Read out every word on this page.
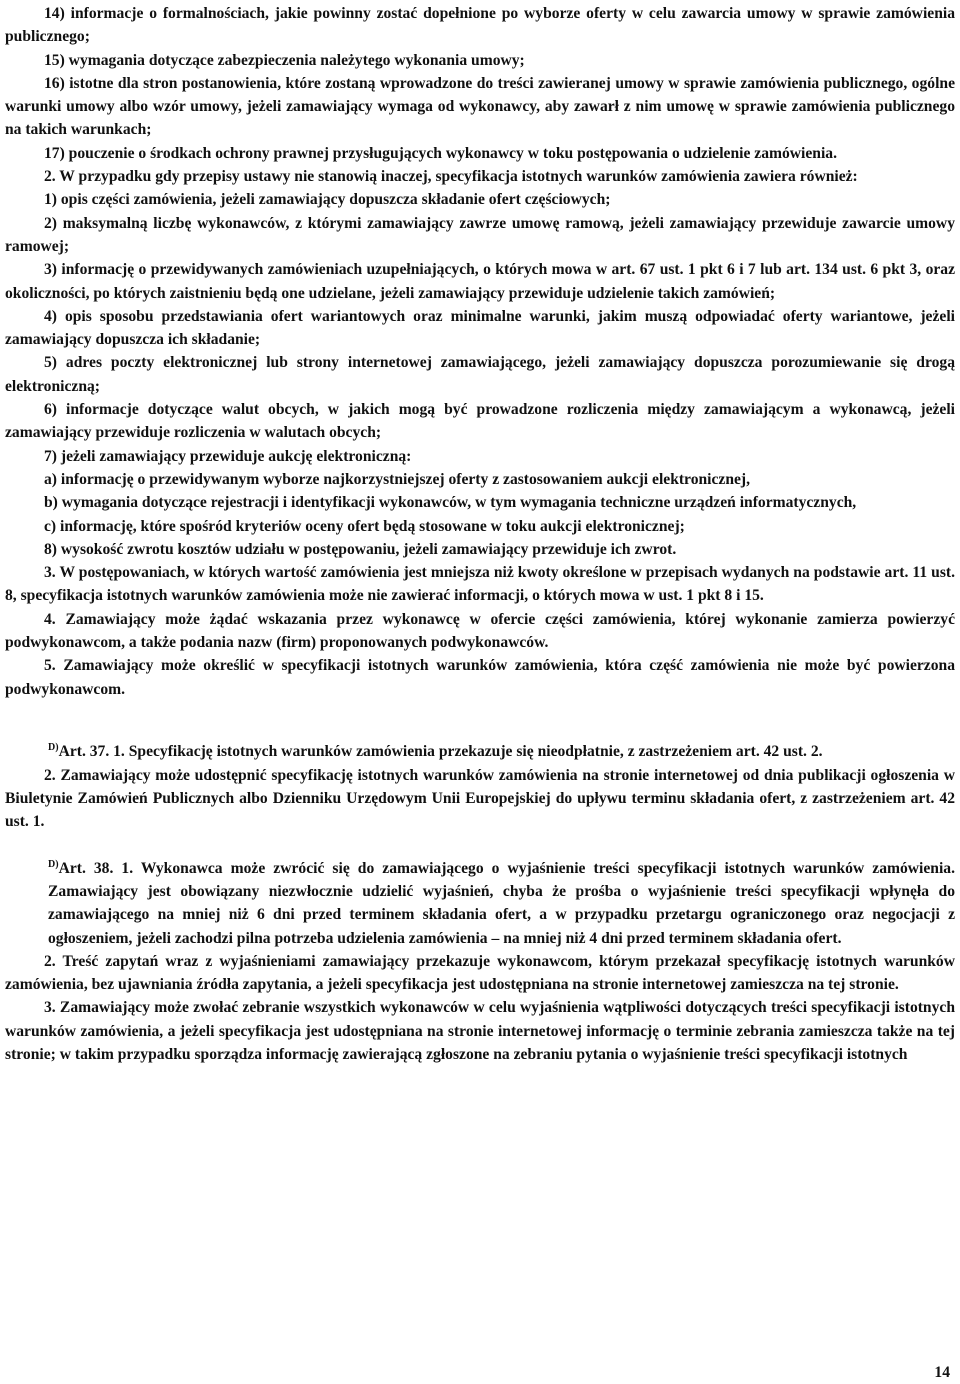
14) informacje o formalnościach, jakie powinny zostać dopełnione po wyborze oferty w celu zawarcia umowy w sprawie zamówienia publicznego;

15) wymagania dotyczące zabezpieczenia należytego wykonania umowy;

16) istotne dla stron postanowienia, które zostaną wprowadzone do treści zawieranej umowy w sprawie zamówienia publicznego, ogólne warunki umowy albo wzór umowy, jeżeli zamawiający wymaga od wykonawcy, aby zawarł z nim umowę w sprawie zamówienia publicznego na takich warunkach;

17) pouczenie o środkach ochrony prawnej przysługujących wykonawcy w toku postępowania o udzielenie zamówienia.

2. W przypadku gdy przepisy ustawy nie stanowią inaczej, specyfikacja istotnych warunków zamówienia zawiera również:

1) opis części zamówienia, jeżeli zamawiający dopuszcza składanie ofert częściowych;

2) maksymalną liczbę wykonawców, z którymi zamawiający zawrze umowę ramową, jeżeli zamawiający przewiduje zawarcie umowy ramowej;

3) informację o przewidywanych zamówieniach uzupełniających, o których mowa w art. 67 ust. 1 pkt 6 i 7 lub art. 134 ust. 6 pkt 3, oraz okoliczności, po których zaistnieniu będą one udzielane, jeżeli zamawiający przewiduje udzielenie takich zamówień;

4) opis sposobu przedstawiania ofert wariantowych oraz minimalne warunki, jakim muszą odpowiadać oferty wariantowe, jeżeli zamawiający dopuszcza ich składanie;

5) adres poczty elektronicznej lub strony internetowej zamawiającego, jeżeli zamawiający dopuszcza porozumiewanie się drogą elektroniczną;

6) informacje dotyczące walut obcych, w jakich mogą być prowadzone rozliczenia między zamawiającym a wykonawcą, jeżeli zamawiający przewiduje rozliczenia w walutach obcych;

7) jeżeli zamawiający przewiduje aukcję elektroniczną:

a) informację o przewidywanym wyborze najkorzystniejszej oferty z zastosowaniem aukcji elektronicznej,

b) wymagania dotyczące rejestracji i identyfikacji wykonawców, w tym wymagania techniczne urządzeń informatycznych,

c) informację, które spośród kryteriów oceny ofert będą stosowane w toku aukcji elektronicznej;

8) wysokość zwrotu kosztów udziału w postępowaniu, jeżeli zamawiający przewiduje ich zwrot.

3. W postępowaniach, w których wartość zamówienia jest mniejsza niż kwoty określone w przepisach wydanych na podstawie art. 11 ust. 8, specyfikacja istotnych warunków zamówienia może nie zawierać informacji, o których mowa w ust. 1 pkt 8 i 15.

4. Zamawiający może żądać wskazania przez wykonawcę w ofercie części zamówienia, której wykonanie zamierza powierzyć podwykonawcom, a także podania nazw (firm) proponowanych podwykonawców.

5. Zamawiający może określić w specyfikacji istotnych warunków zamówienia, która część zamówienia nie może być powierzona podwykonawcom.

$^{D)}$Art. 37. 1. Specyfikację istotnych warunków zamówienia przekazuje się nieodpłatnie, z zastrzeżeniem art. 42 ust. 2.

2. Zamawiający może udostępnić specyfikację istotnych warunków zamówienia na stronie internetowej od dnia publikacji ogłoszenia w Biuletynie Zamówień Publicznych albo Dzienniku Urzędowym Unii Europejskiej do upływu terminu składania ofert, z zastrzeżeniem art. 42 ust. 1.

$^{D)}$Art. 38. 1. Wykonawca może zwrócić się do zamawiającego o wyjaśnienie treści specyfikacji istotnych warunków zamówienia. Zamawiający jest obowiązany niezwłocznie udzielić wyjaśnień, chyba że prośba o wyjaśnienie treści specyfikacji wpłynęła do zamawiającego na mniej niż 6 dni przed terminem składania ofert, a w przypadku przetargu ograniczonego oraz negocjacji z ogłoszeniem, jeżeli zachodzi pilna potrzeba udzielenia zamówienia – na mniej niż 4 dni przed terminem składania ofert.

2. Treść zapytań wraz z wyjaśnieniami zamawiający przekazuje wykonawcom, którym przekazał specyfikację istotnych warunków zamówienia, bez ujawniania źródła zapytania, a jeżeli specyfikacja jest udostępniana na stronie internetowej zamieszcza na tej stronie.

3. Zamawiający może zwołać zebranie wszystkich wykonawców w celu wyjaśnienia wątpliwości dotyczących treści specyfikacji istotnych warunków zamówienia, a jeżeli specyfikacja jest udostępniana na stronie internetowej informację o terminie zebrania zamieszcza także na tej stronie; w takim przypadku sporządza informację zawierającą zgłoszone na zebraniu pytania o wyjaśnienie treści specyfikacji istotnych

14
